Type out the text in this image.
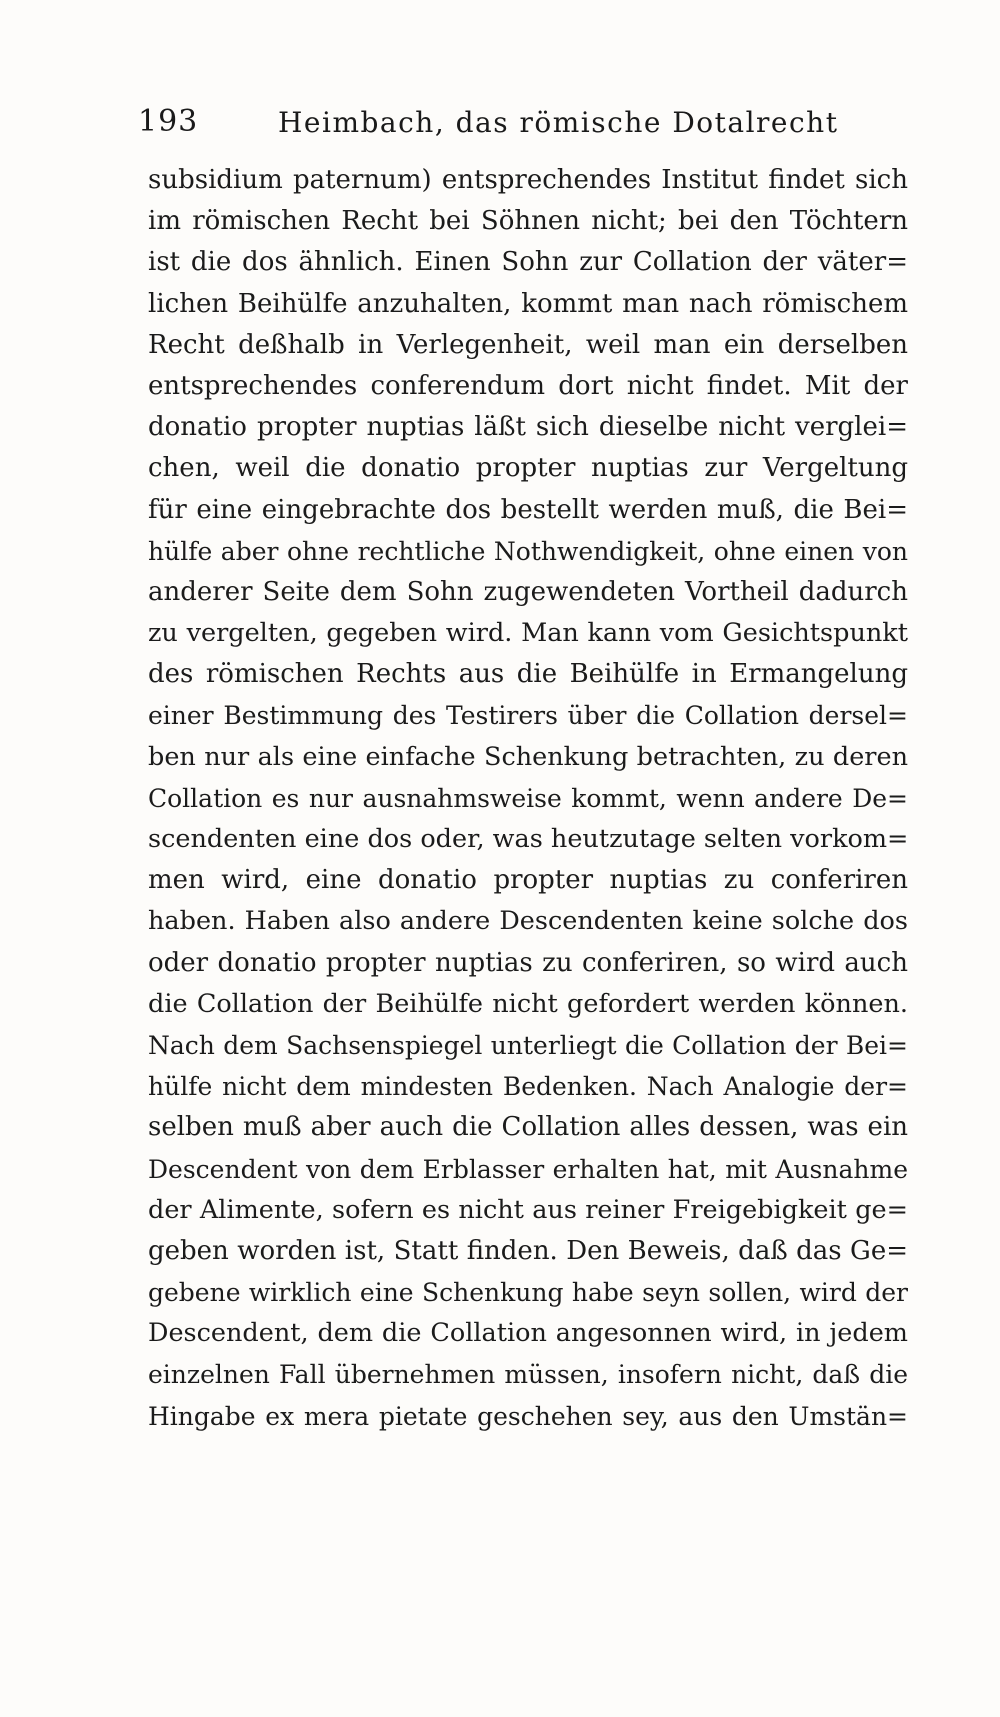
193	Heimbach, das römische Dotalrecht
subsidium paternum) entsprechendes Institut findet sich
im römischen Recht bei Söhnen nicht; bei den Töchtern
ist die dos ähnlich. Einen Sohn zur Collation der väter=
lichen Beihülfe anzuhalten, kommt man nach römischem
Recht deßhalb in Verlegenheit, weil man ein derselben
entsprechendes conferendum dort nicht findet. Mit der
donatio propter nuptias läßt sich dieselbe nicht verglei=
chen, weil die donatio propter nuptias zur Vergeltung
für eine eingebrachte dos bestellt werden muß, die Bei=
hülfe aber ohne rechtliche Nothwendigkeit, ohne einen von
anderer Seite dem Sohn zugewendeten Vortheil dadurch
zu vergelten, gegeben wird. Man kann vom Gesichtspunkt
des römischen Rechts aus die Beihülfe in Ermangelung
einer Bestimmung des Testirers über die Collation dersel=
ben nur als eine einfache Schenkung betrachten, zu deren
Collation es nur ausnahmsweise kommt, wenn andere De=
scendenten eine dos oder, was heutzutage selten vorkom=
men wird, eine donatio propter nuptias zu conferiren
haben. Haben also andere Descendenten keine solche dos
oder donatio propter nuptias zu conferiren, so wird auch
die Collation der Beihülfe nicht gefordert werden können.
Nach dem Sachsenspiegel unterliegt die Collation der Bei=
hülfe nicht dem mindesten Bedenken. Nach Analogie der=
selben muß aber auch die Collation alles dessen, was ein
Descendent von dem Erblasser erhalten hat, mit Ausnahme
der Alimente, sofern es nicht aus reiner Freigebigkeit ge=
geben worden ist, Statt finden. Den Beweis, daß das Ge=
gebene wirklich eine Schenkung habe seyn sollen, wird der
Descendent, dem die Collation angesonnen wird, in jedem
einzelnen Fall übernehmen müssen, insofern nicht, daß die
Hingabe ex mera pietate geschehen sey, aus den Umstän=
